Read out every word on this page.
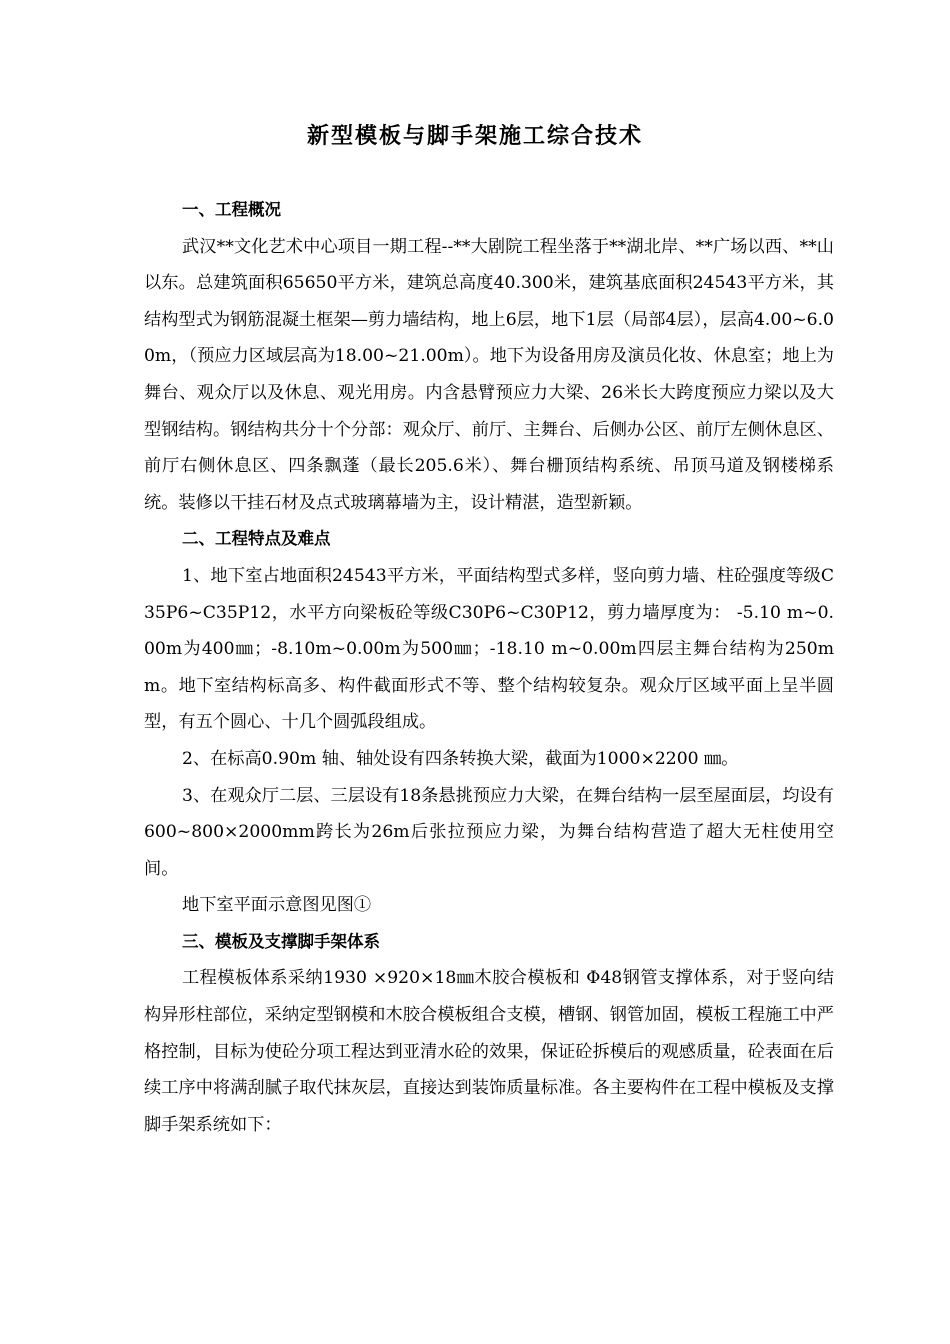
新型模板与脚手架施工综合技术
一、工程概况

武汉**文化艺术中心项目一期工程--**大剧院工程坐落于**湖北岸、**广场以西、**山以东。总建筑面积65650平方米，建筑总高度40.300米，建筑基底面积24543平方米，其结构型式为钢筋混凝土框架—剪力墙结构，地上6层，地下1层（局部4层），层高4.00~6.00m，（预应力区域层高为18.00~21.00m）。地下为设备用房及演员化妆、休息室；地上为舞台、观众厅以及休息、观光用房。内含悬臂预应力大梁、26米长大跨度预应力梁以及大型钢结构。钢结构共分十个分部：观众厅、前厅、主舞台、后侧办公区、前厅左侧休息区、前厅右侧休息区、四条飘蓬（最长205.6米）、舞台栅顶结构系统、吊顶马道及钢楼梯系统。装修以干挂石材及点式玻璃幕墙为主，设计精湛，造型新颖。

二、工程特点及难点

1、地下室占地面积24543平方米，平面结构型式多样，竖向剪力墙、柱砼强度等级C35P6~C35P12，水平方向梁板砼等级C30P6~C30P12，剪力墙厚度为： -5.10 m~0.00m为400㎜；-8.10m~0.00m为500㎜；-18.10 m~0.00m四层主舞台结构为250mm。地下室结构标高多、构件截面形式不等、整个结构较复杂。观众厅区域平面上呈半圆型，有五个圆心、十几个圆弧段组成。

2、在标高0.90m 轴、轴处设有四条转换大梁，截面为1000×2200 ㎜。

3、在观众厅二层、三层设有18条悬挑预应力大梁，在舞台结构一层至屋面层，均设有600~800×2000mm跨长为26m后张拉预应力梁，为舞台结构营造了超大无柱使用空间。

地下室平面示意图见图①

三、模板及支撑脚手架体系

工程模板体系采纳1930 ×920×18㎜木胶合模板和 Φ48钢管支撑体系，对于竖向结构异形柱部位，采纳定型钢模和木胶合模板组合支模，槽钢、钢管加固，模板工程施工中严格控制，目标为使砼分项工程达到亚清水砼的效果，保证砼拆模后的观感质量，砼表面在后续工序中将满刮腻子取代抹灰层，直接达到装饰质量标准。各主要构件在工程中模板及支撑脚手架系统如下：
